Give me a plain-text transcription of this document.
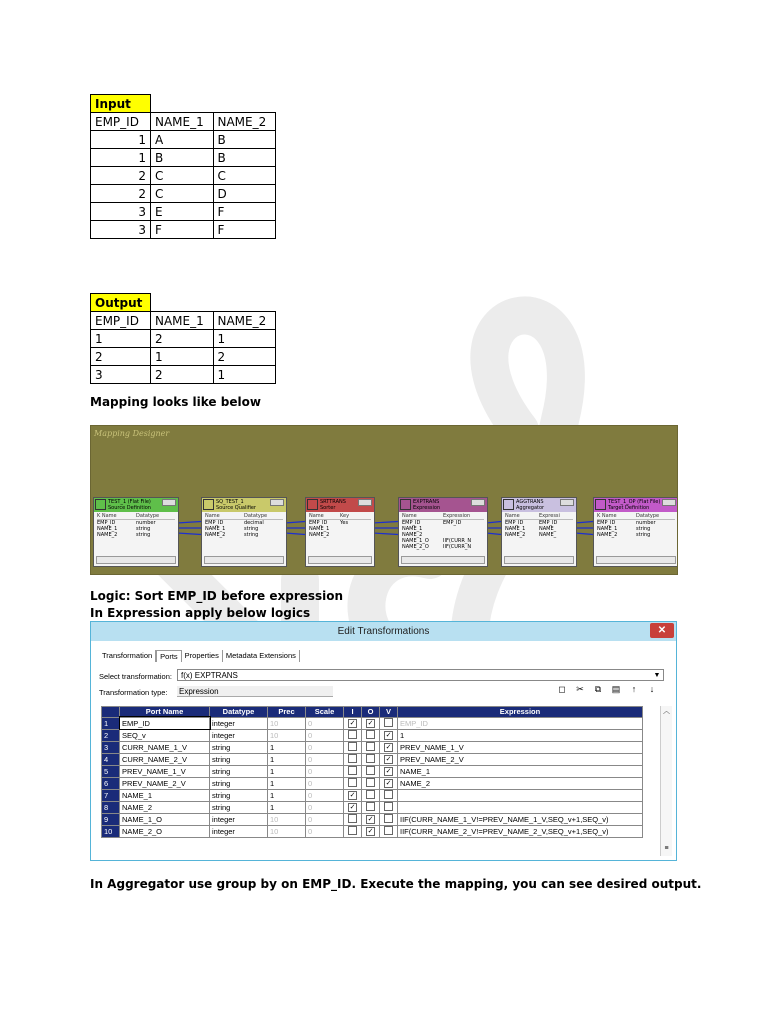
Input		
EMP_ID	NAME_1	NAME_2
1	A	B
1	B	B
2	C	C
2	C	D
3	E	F
3	F	F
Output		
EMP_ID	NAME_1	NAME_2
1	2	1
2	1	2
3	2	1
Mapping looks like below
Mapping Designer
TEST_1 (Flat File)
Source Definition
K Name	Datatype
EMP_ID	number
NAME_1	string
NAME_2	string
SQ_TEST_1
Source Qualifier
Name	Datatype
EMP_ID	decimal
NAME_1	string
NAME_2	string
SRTTRANS
Sorter
Name	Key
EMP_ID	Yes
NAME_1
NAME_2
EXPTRANS
Expression
Name	Expression
EMP_ID	EMP_ID
NAME_1
NAME_2
NAME_1_O	IIF(CURR_N
NAME_2_O	IIF(CURR_N
AGGTRANS
Aggregator
Name	Expressi
EMP_ID	EMP_ID
NAME_1	NAME_
NAME_2	NAME_
TEST_1_OP (Flat File)
Target Definition
K Name	Datatype
EMP_ID	number
NAME_1	string
NAME_2	string
Logic: Sort EMP_ID before expression
In Expression apply below logics
Edit Transformations	✕
Transformation	Ports Properties Metadata Extensions
Select transformation:	f(x) EXPTRANS	▼
Transformation type: Expression	◻ ✂	⧉	▤	↑	↓
	Port Name	Datatype	Prec	Scale	I	O	V	Expression
1	EMP_ID	integer	10	0	✓	✓		EMP_ID
2	SEQ_v	integer	10	0			✓	1
3	CURR_NAME_1_V	string	1	0			✓	PREV_NAME_1_V
4	CURR_NAME_2_V	string	1	0			✓	PREV_NAME_2_V
5	PREV_NAME_1_V	string	1	0			✓	NAME_1
6	PREV_NAME_2_V	string	1	0			✓	NAME_2
7	NAME_1	string	1	0	✓			
8	NAME_2	string	1	0	✓			
9	NAME_1_O	integer	10	0		✓		IIF(CURR_NAME_1_V!=PREV_NAME_1_V,SEQ_v+1,SEQ_v)
10	NAME_2_O	integer	10	0		✓		IIF(CURR_NAME_2_V!=PREV_NAME_2_V,SEQ_v+1,SEQ_v)
︿
≡
In Aggregator use group by on EMP_ID. Execute the mapping, you can see desired output.
